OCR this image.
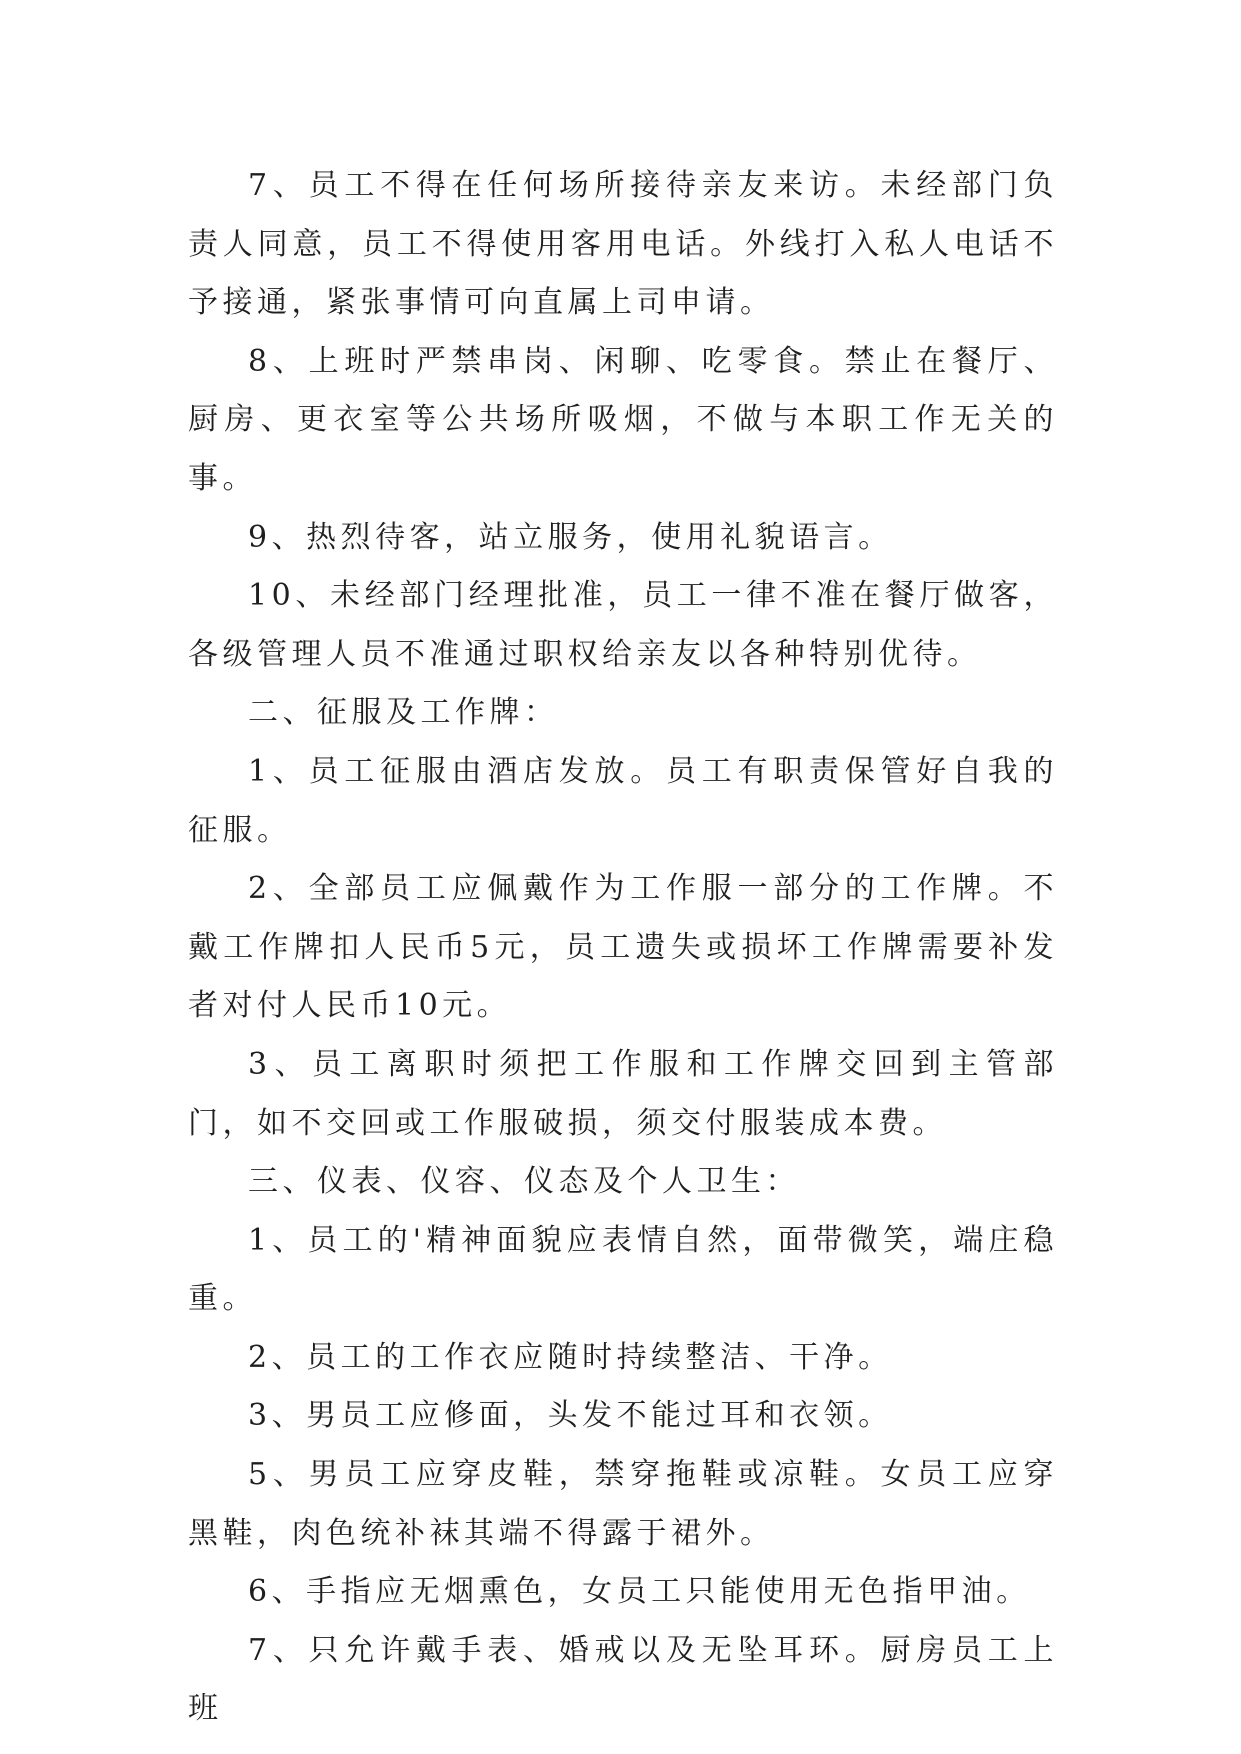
7、员工不得在任何场所接待亲友来访。未经部门负责人同意，员工不得使用客用电话。外线打入私人电话不予接通，紧张事情可向直属上司申请。

8、上班时严禁串岗、闲聊、吃零食。禁止在餐厅、厨房、更衣室等公共场所吸烟，不做与本职工作无关的事。

9、热烈待客，站立服务，使用礼貌语言。

10、未经部门经理批准，员工一律不准在餐厅做客，各级管理人员不准通过职权给亲友以各种特别优待。

二、征服及工作牌：

1、员工征服由酒店发放。员工有职责保管好自我的征服。

2、全部员工应佩戴作为工作服一部分的工作牌。不戴工作牌扣人民币5元，员工遗失或损坏工作牌需要补发者对付人民币10元。

3、员工离职时须把工作服和工作牌交回到主管部门，如不交回或工作服破损，须交付服装成本费。

三、仪表、仪容、仪态及个人卫生：

1、员工的'精神面貌应表情自然，面带微笑，端庄稳重。

2、员工的工作衣应随时持续整洁、干净。

3、男员工应修面，头发不能过耳和衣领。

5、男员工应穿皮鞋，禁穿拖鞋或凉鞋。女员工应穿黑鞋，肉色统补袜其端不得露于裙外。

6、手指应无烟熏色，女员工只能使用无色指甲油。

7、只允许戴手表、婚戒以及无坠耳环。厨房员工上班
